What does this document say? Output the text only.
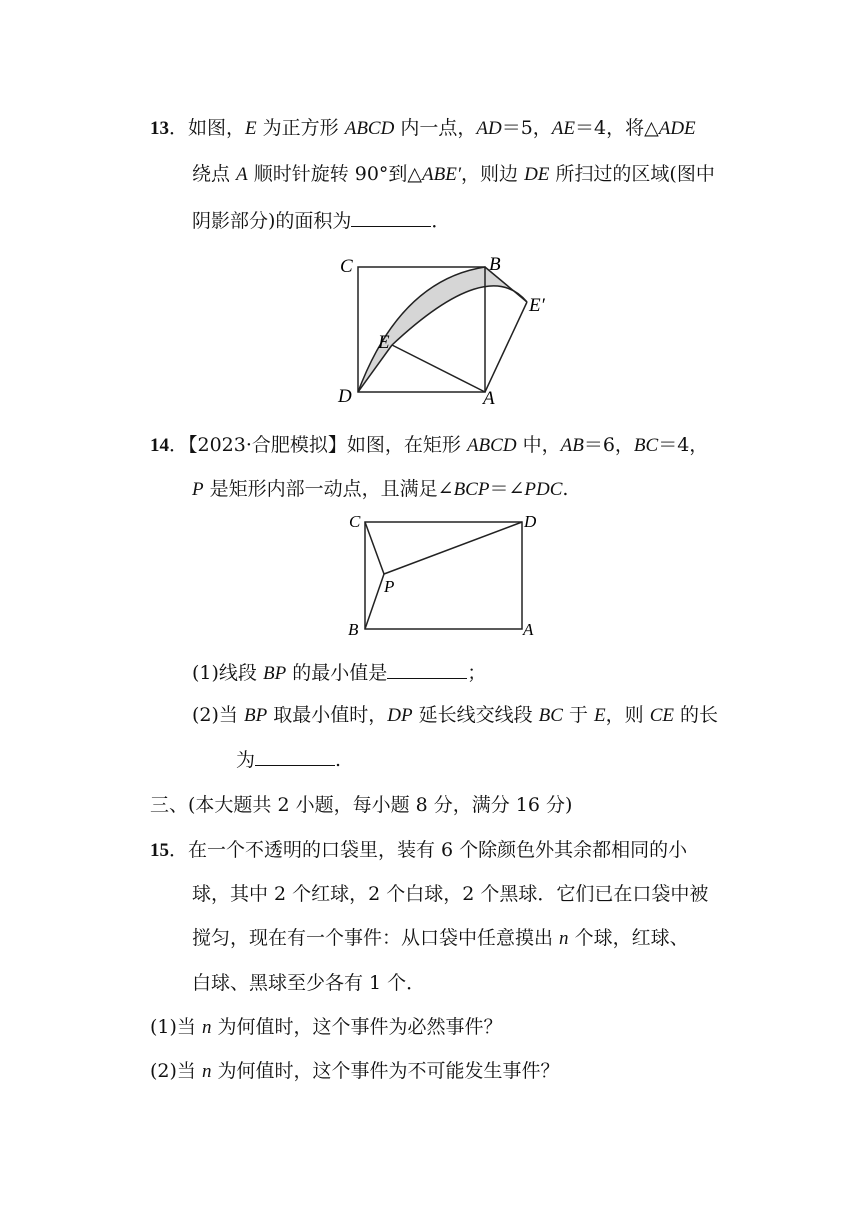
13．如图，E 为正方形 ABCD 内一点，AD＝5，AE＝4，将△ADE
绕点 A 顺时针旋转 90°到△ABE′，则边 DE 所扫过的区域(图中
阴影部分)的面积为	．
C	B
E′
E
D	A
14．【2023·合肥模拟】如图，在矩形 ABCD 中，AB＝6，BC＝4，
P 是矩形内部一动点，且满足∠BCP＝∠PDC.
C	D
P
B	A
(1)线段 BP 的最小值是	；
(2)当 BP 取最小值时，DP 延长线交线段 BC 于 E，则 CE 的长
为	.
三、(本大题共 2 小题，每小题 8 分，满分 16 分)
15．在一个不透明的口袋里，装有 6 个除颜色外其余都相同的小
球，其中 2 个红球，2 个白球，2 个黑球．它们已在口袋中被
搅匀，现在有一个事件：从口袋中任意摸出 n 个球，红球、
白球、黑球至少各有 1 个．
(1)当 n 为何值时，这个事件为必然事件？
(2)当 n 为何值时，这个事件为不可能发生事件？
